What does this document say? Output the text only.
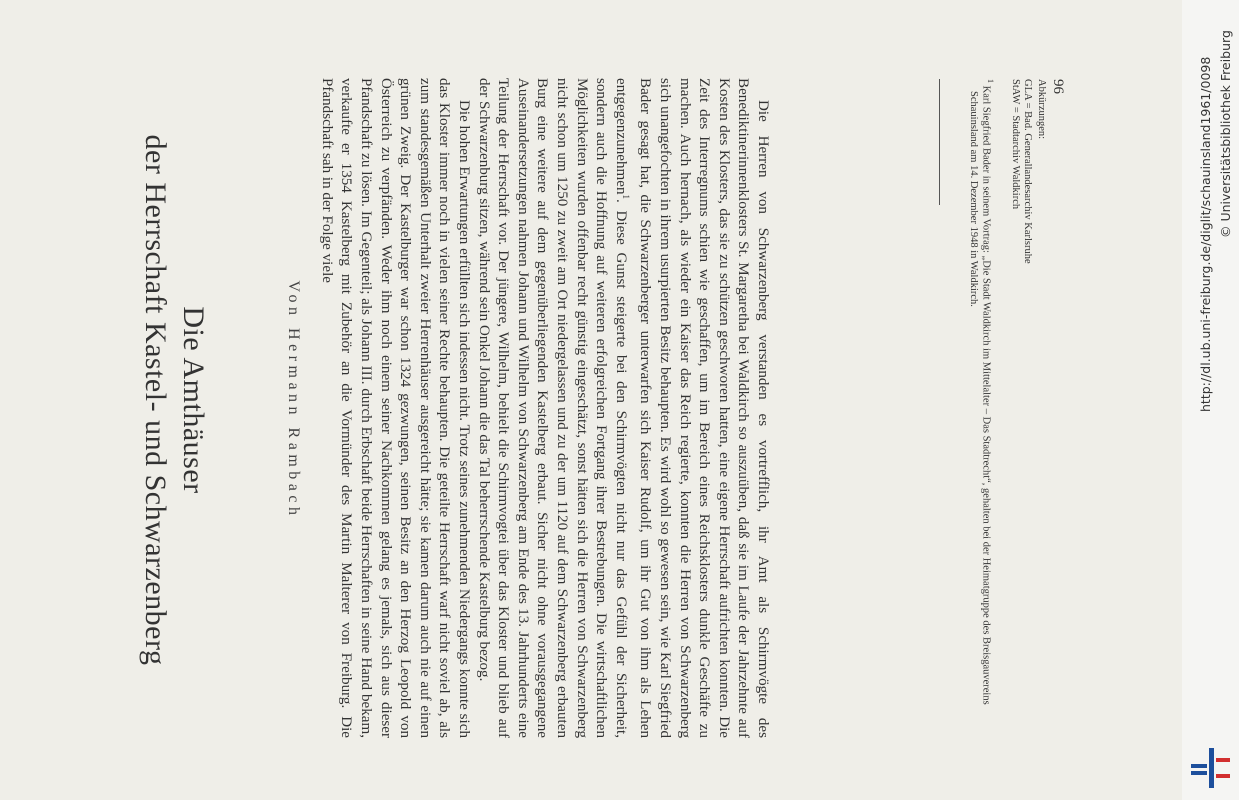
Die Amthäuser
der Herrschaft Kastel- und Schwarzenberg	Von Hermann Rambach	Die Herren von Schwarzenberg verstanden es vortrefflich, ihr Amt als Schirmvögte des Benediktinerinnenklosters St. Margaretha bei Waldkirch so auszuüben, daß sie im Laufe der Jahrzehnte auf Kosten des Klosters, das sie zu schützen geschworen hatten, eine eigene Herrschaft aufrichten konnten. Die Zeit des Interregnums schien wie geschaffen, um im Bereich eines Reichsklosters dunkle Geschäfte zu machen. Auch hernach, als wieder ein Kaiser das Reich regierte, konnten die Herren von Schwarzenberg sich unangefochten in ihrem usurpierten Besitz behaupten. Es wird wohl so gewesen sein, wie Karl Siegfried Bader gesagt hat, die Schwarzenberger unterwarfen sich Kaiser Rudolf, um ihr Gut von ihm als Lehen entgegenzunehmen$^1$. Diese Gunst steigerte bei den Schirmvögten nicht nur das Gefühl der Sicherheit, sondern auch die Hoffnung auf weiteren erfolgreichen Fortgang ihrer Bestrebungen. Die wirtschaftlichen Möglichkeiten wurden offenbar recht günstig eingeschätzt, sonst hätten sich die Herren von Schwarzenberg nicht schon um 1250 zu zweit am Ort niedergelassen und zu der um 1120 auf dem Schwarzenberg erbauten Burg eine weitere auf dem gegenüberliegenden Kastelberg erbaut. Sicher nicht ohne vorausgegangene Auseinandersetzungen nahmen Johann und Wilhelm von Schwarzenberg am Ende des 13. Jahrhunderts eine Teilung der Herrschaft vor. Der jüngere, Wilhelm, behielt die Schirmvogtei über das Kloster und blieb auf der Schwarzenburg sitzen, während sein Onkel Johann die das Tal beherrschende Kastelburg bezog.

Die hohen Erwartungen erfüllten sich indessen nicht. Trotz seines zunehmenden Niedergangs konnte sich das Kloster immer noch in vielen seiner Rechte behaupten. Die geteilte Herrschaft warf nicht soviel ab, als zum standesgemäßen Unterhalt zweier Herrenhäuser ausgereicht hätte; sie kamen darum auch nie auf einen grünen Zweig. Der Kastelburger war schon 1324 gezwungen, seinen Besitz an den Herzog Leopold von Österreich zu verpfänden. Weder ihm noch einem seiner Nachkommen gelang es jemals, sich aus dieser Pfandschaft zu lösen. Im Gegenteil; als Johann III. durch Erbschaft beide Herrschaften in seine Hand bekam, verkaufte er 1354 Kastelberg mit Zubehör an die Vormünder des Martin Malterer von Freiburg. Die Pfandschaft sah in der Folge viele	Abkürzungen:
GLA = Bad. Generallandesarchiv Karlsruhe
StAW = Stadtarchiv Waldkirch
$^1$ Karl Siegfried Bader in seinem Vortrag: „Die Stadt Waldkirch im Mittelalter – Das Stadtrecht“, gehalten bei der Heimatgruppe des Breisgauvereins Schauinsland am 14. Dezember 1948 in Waldkirch.
96	http://dl.ub.uni-freiburg.de/diglit/schauinsland1961/0098 © Universitätsbibliothek Freiburg
